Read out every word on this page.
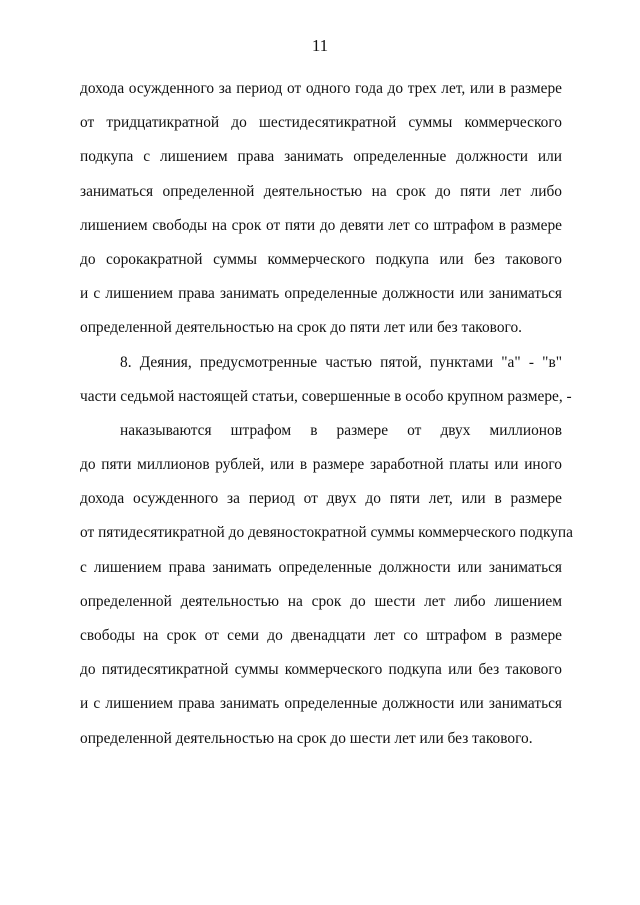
11
дохода осужденного за период от одного года до трех лет, или в размере
от тридцатикратной до шестидесятикратной суммы коммерческого
подкупа с лишением права занимать определенные должности или
заниматься определенной деятельностью на срок до пяти лет либо
лишением свободы на срок от пяти до девяти лет со штрафом в размере
до сорокакратной суммы коммерческого подкупа или без такового
и с лишением права занимать определенные должности или заниматься
определенной деятельностью на срок до пяти лет или без такового.
8. Деяния, предусмотренные частью пятой, пунктами "а" - "в"
части седьмой настоящей статьи, совершенные в особо крупном размере, -
наказываются штрафом в размере от двух миллионов
до пяти миллионов рублей, или в размере заработной платы или иного
дохода осужденного за период от двух до пяти лет, или в размере
от пятидесятикратной до девяностократной суммы коммерческого подкупа
с лишением права занимать определенные должности или заниматься
определенной деятельностью на срок до шести лет либо лишением
свободы на срок от семи до двенадцати лет со штрафом в размере
до пятидесятикратной суммы коммерческого подкупа или без такового
и с лишением права занимать определенные должности или заниматься
определенной деятельностью на срок до шести лет или без такового.
